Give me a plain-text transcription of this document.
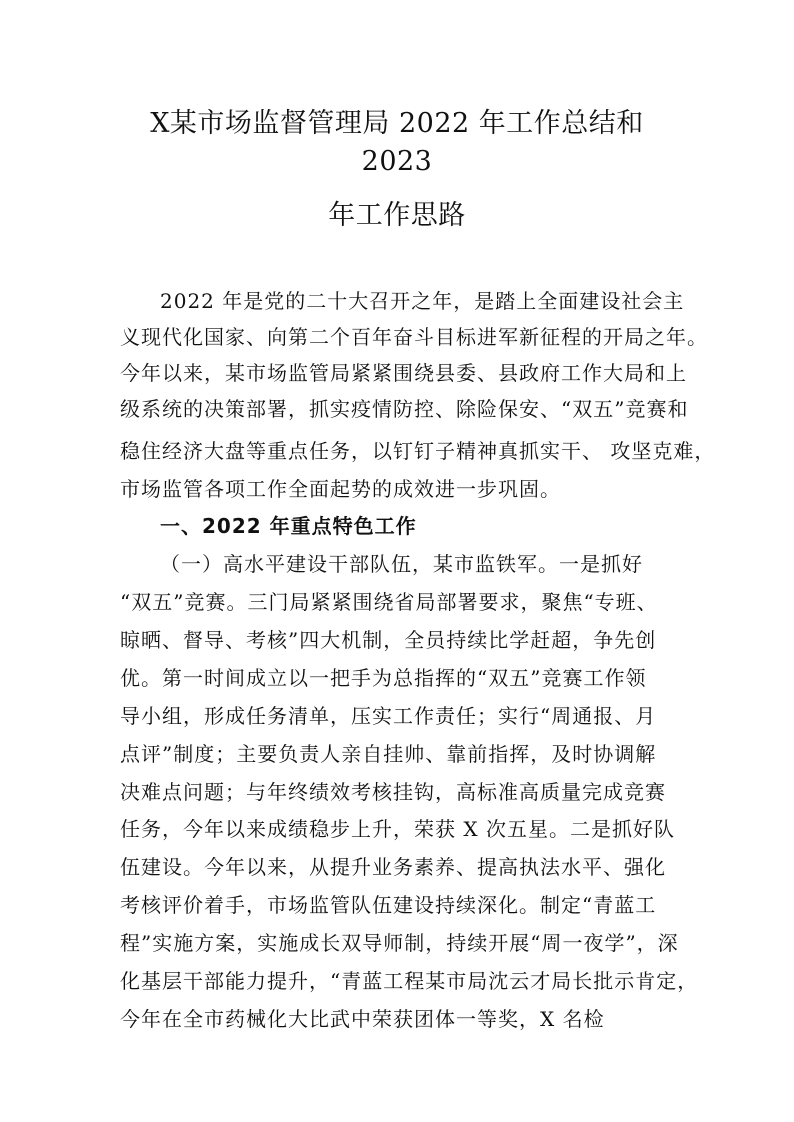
X某市场监督管理局 2022 年工作总结和
2023
年工作思路
2022 年是党的二十大召开之年，是踏上全面建设社会主
义现代化国家、向第二个百年奋斗目标进军新征程的开局之年。
今年以来，某市场监管局紧紧围绕县委、县政府工作大局和上
级系统的决策部署，抓实疫情防控、除险保安、“双五”竞赛和
稳住经济大盘等重点任务，以钉钉子精神真抓实干、 攻坚克难，
市场监管各项工作全面起势的成效进一步巩固。
一、2022 年重点特色工作
（一）高水平建设干部队伍，某市监铁军。一是抓好
“双五”竞赛。三门局紧紧围绕省局部署要求，聚焦“专班、
晾晒、督导、考核”四大机制，全员持续比学赶超，争先创
优。第一时间成立以一把手为总指挥的“双五”竞赛工作领
导小组，形成任务清单，压实工作责任；实行“周通报、月
点评”制度；主要负责人亲自挂帅、靠前指挥，及时协调解
决难点问题；与年终绩效考核挂钩，高标准高质量完成竞赛
任务，今年以来成绩稳步上升，荣获 X 次五星。二是抓好队
伍建设。今年以来，从提升业务素养、提高执法水平、强化
考核评价着手，市场监管队伍建设持续深化。制定“青蓝工
程”实施方案，实施成长双导师制，持续开展“周一夜学”，深
化基层干部能力提升，“青蓝工程某市局沈云才局长批示肯定，
今年在全市药械化大比武中荣获团体一等奖，X 名检
